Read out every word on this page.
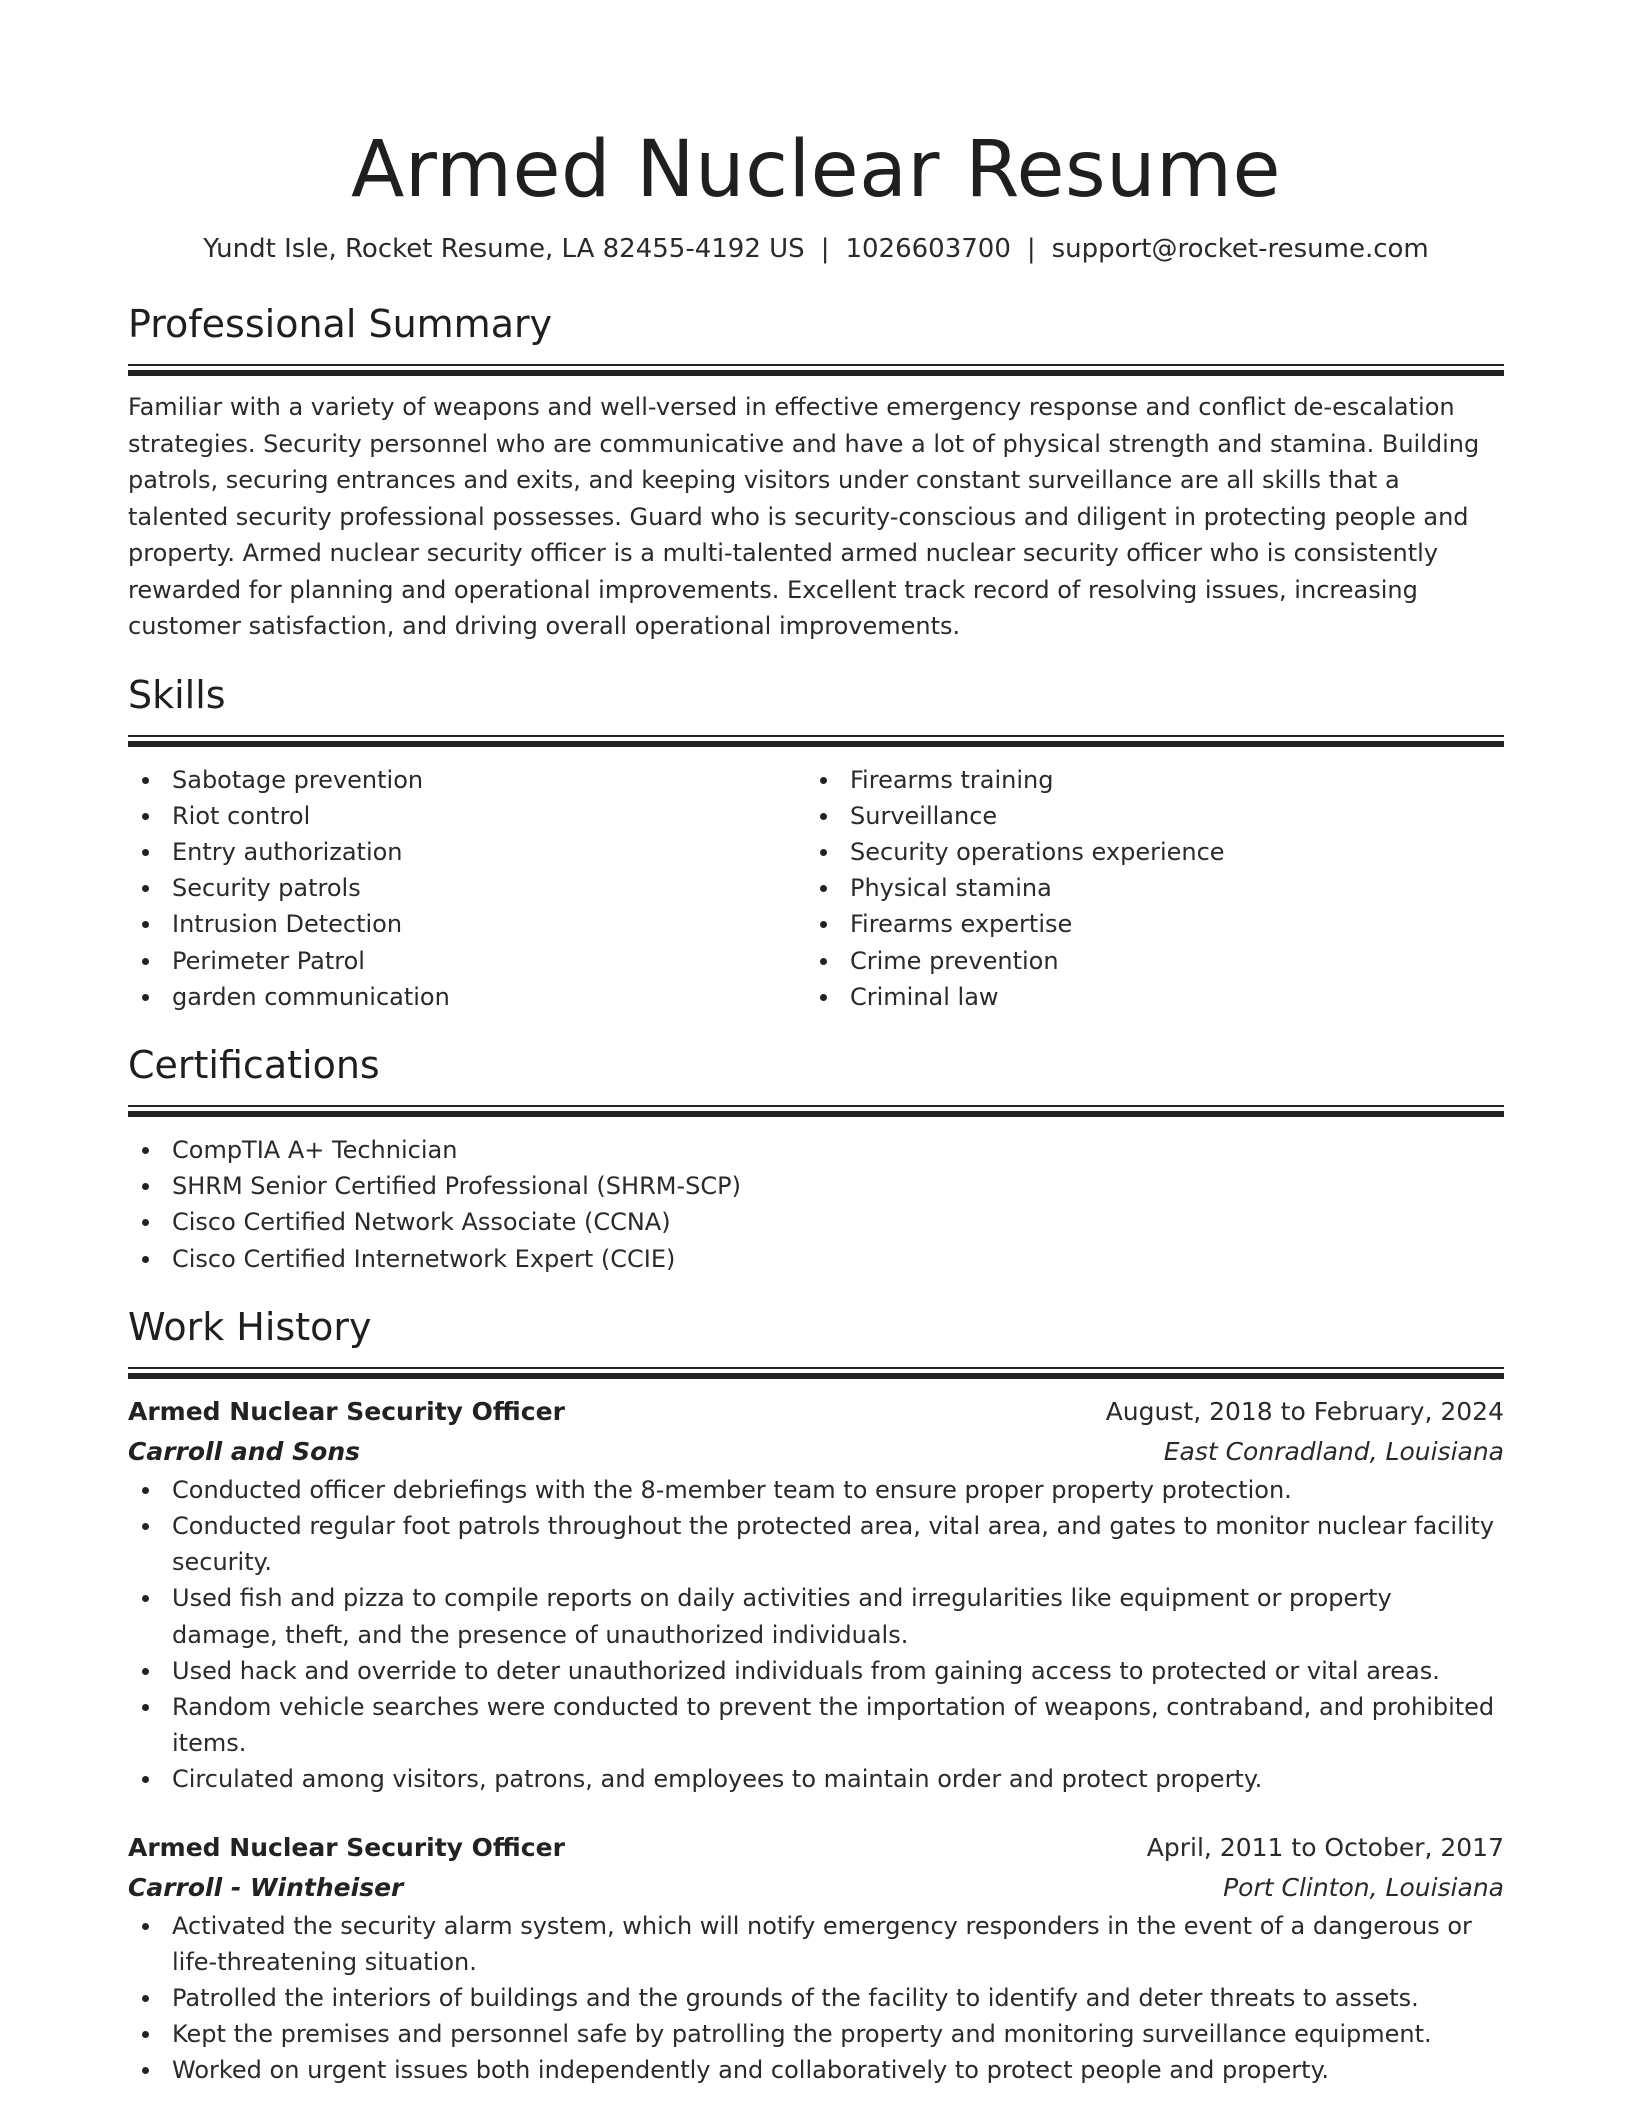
Armed Nuclear Resume
Yundt Isle, Rocket Resume, LA 82455-4192 US | 1026603700 | support@rocket-resume.com
Professional Summary
Familiar with a variety of weapons and well-versed in effective emergency response and conflict de-escalation strategies. Security personnel who are communicative and have a lot of physical strength and stamina. Building patrols, securing entrances and exits, and keeping visitors under constant surveillance are all skills that a talented security professional possesses. Guard who is security-conscious and diligent in protecting people and property. Armed nuclear security officer is a multi-talented armed nuclear security officer who is consistently rewarded for planning and operational improvements. Excellent track record of resolving issues, increasing customer satisfaction, and driving overall operational improvements.
Skills
Sabotage prevention
Riot control
Entry authorization
Security patrols
Intrusion Detection
Perimeter Patrol
garden communication
Firearms training
Surveillance
Security operations experience
Physical stamina
Firearms expertise
Crime prevention
Criminal law
Certifications
CompTIA A+ Technician
SHRM Senior Certified Professional (SHRM-SCP)
Cisco Certified Network Associate (CCNA)
Cisco Certified Internetwork Expert (CCIE)
Work History
Armed Nuclear Security Officer	August, 2018 to February, 2024
Carroll and Sons	East Conradland, Louisiana
Conducted officer debriefings with the 8-member team to ensure proper property protection.
Conducted regular foot patrols throughout the protected area, vital area, and gates to monitor nuclear facility security.
Used fish and pizza to compile reports on daily activities and irregularities like equipment or property damage, theft, and the presence of unauthorized individuals.
Used hack and override to deter unauthorized individuals from gaining access to protected or vital areas.
Random vehicle searches were conducted to prevent the importation of weapons, contraband, and prohibited items.
Circulated among visitors, patrons, and employees to maintain order and protect property.
Armed Nuclear Security Officer	April, 2011 to October, 2017
Carroll - Wintheiser	Port Clinton, Louisiana
Activated the security alarm system, which will notify emergency responders in the event of a dangerous or life-threatening situation.
Patrolled the interiors of buildings and the grounds of the facility to identify and deter threats to assets.
Kept the premises and personnel safe by patrolling the property and monitoring surveillance equipment.
Worked on urgent issues both independently and collaboratively to protect people and property.
